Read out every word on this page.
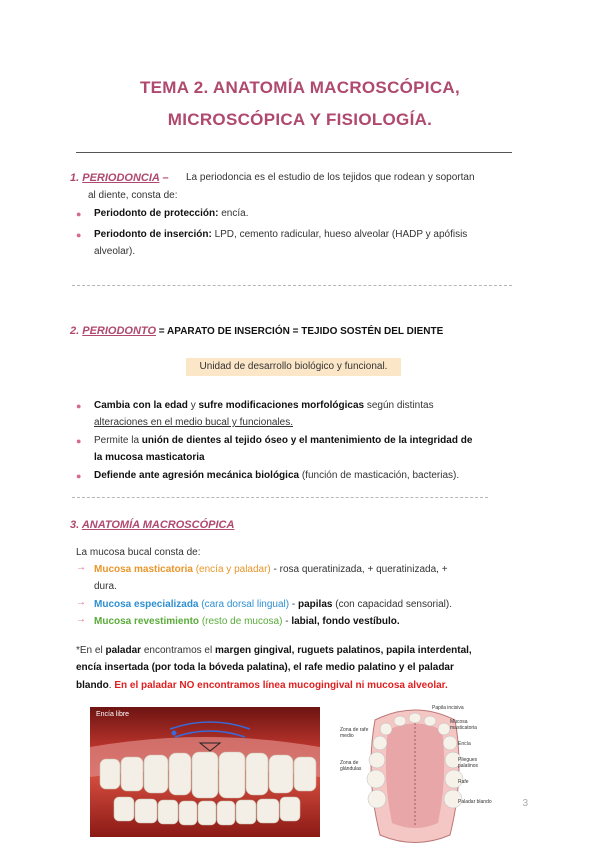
TEMA 2. ANATOMÍA MACROSCÓPICA,
MICROSCÓPICA Y FISIOLOGÍA.
1. PERIODONCIA – La periodoncia es el estudio de los tejidos que rodean y soportan
al diente, consta de:
● Periodonto de protección: encía.
● Periodonto de inserción: LPD, cemento radicular, hueso alveolar (HADP y apófisis
alveolar).
2. PERIODONTO = APARATO DE INSERCIÓN = TEJIDO SOSTÉN DEL DIENTE
Unidad de desarrollo biológico y funcional.
● Cambia con la edad y sufre modificaciones morfológicas según distintas
alteraciones en el medio bucal y funcionales.
● Permite la unión de dientes al tejido óseo y el mantenimiento de la integridad de
la mucosa masticatoria
● Defiende ante agresión mecánica biológica (función de masticación, bacterias).
3. ANATOMÍA MACROSCÓPICA
La mucosa bucal consta de:
→ Mucosa masticatoria (encía y paladar) - rosa queratinizada, + queratinizada, +
dura.
→ Mucosa especializada (cara dorsal lingual) - papilas (con capacidad sensorial).
→ Mucosa revestimiento (resto de mucosa) - labial, fondo vestíbulo.
*En el paladar encontramos el margen gingival, ruguets palatinos, papila interdental,
encía insertada (por toda la bóveda palatina), el rafe medio palatino y el paladar
blando. En el paladar NO encontramos línea mucogingival ni mucosa alveolar.
Encía libre
Papila incisiva
Mucosa masticatoria
Encía
Zona de rafe medio
Pliegues palatinos
Zona de glándulas
Rafe
Paladar blando	3
